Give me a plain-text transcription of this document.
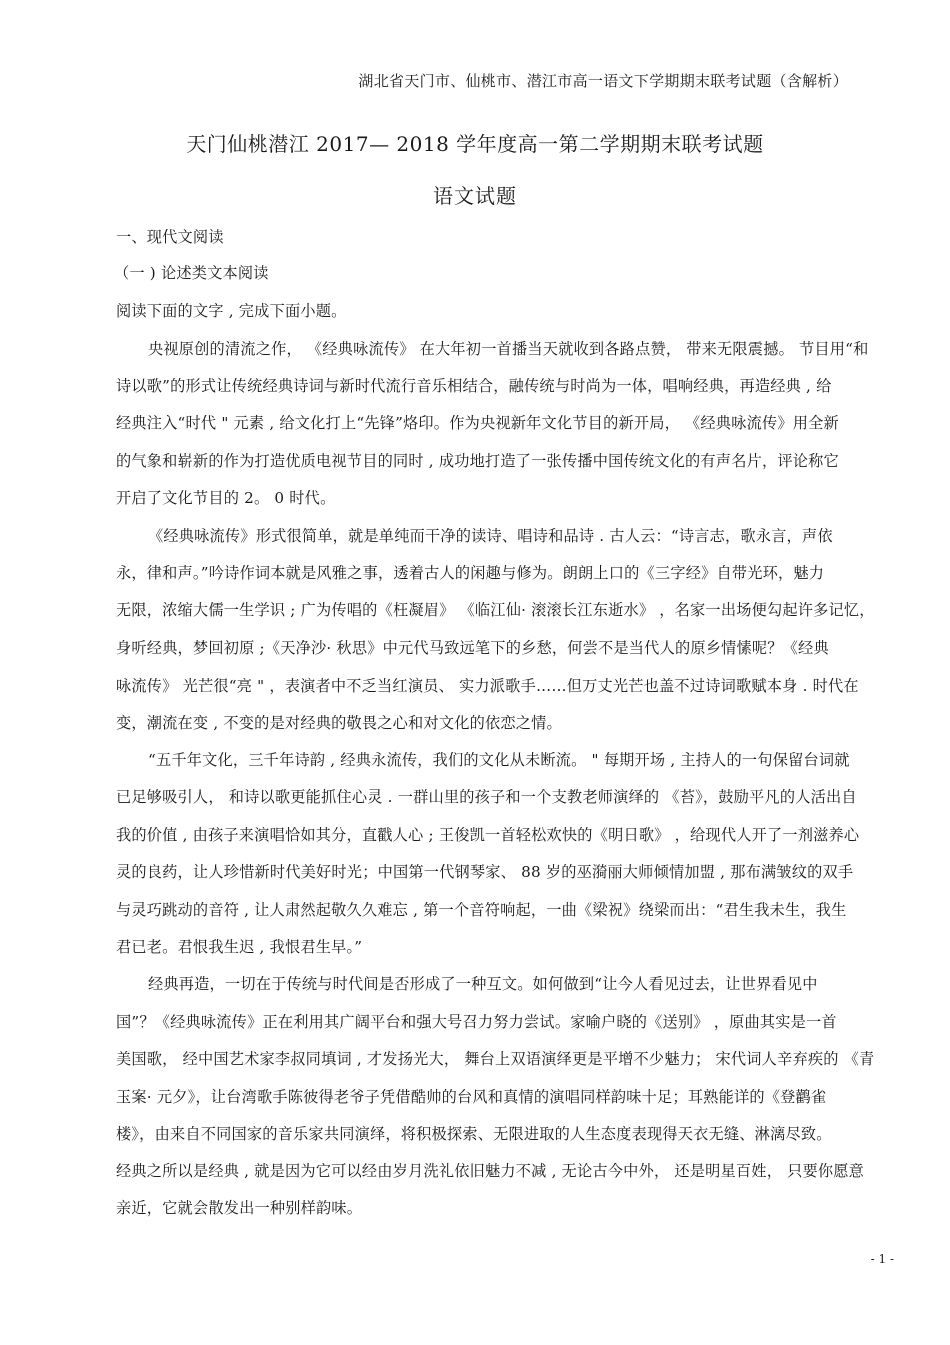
湖北省天门市、仙桃市、潜江市高一语文下学期期末联考试题（含解析）
天门仙桃潜江 2017— 2018 学年度高一第二学期期末联考试题
语文试题
一、现代文阅读
（一 ) 论述类文本阅读
阅读下面的文字 , 完成下面小题。
央视原创的清流之作， 《经典咏流传》 在大年初一首播当天就收到各路点赞， 带来无限震撼。 节目用“和
诗以歌”的形式让传统经典诗词与新时代流行音乐相结合，融传统与时尚为一体，唱响经典，再造经典 , 给
经典注入“时代 " 元素 , 给文化打上“先锋”烙印。作为央视新年文化节目的新开局， 《经典咏流传》用全新
的气象和崭新的作为打造优质电视节目的同时 , 成功地打造了一张传播中国传统文化的有声名片，评论称它
开启了文化节目的 2。 0 时代。
《经典咏流传》形式很简单，就是单纯而干净的读诗、唱诗和品诗 . 古人云：“诗言志，歌永言，声依
永，律和声。”吟诗作词本就是风雅之事，透着古人的闲趣与修为。朗朗上口的《三字经》自带光环，魅力
无限，浓缩大儒一生学识 ; 广为传唱的《枉凝眉》 《临江仙· 滚滚长江东逝水》 ，名家一出场便勾起许多记忆，
身听经典，梦回初原 ;《天净沙· 秋思》中元代马致远笔下的乡愁，何尝不是当代人的原乡情愫呢？《经典
咏流传》 光芒很“亮 " ，表演者中不乏当红演员、 实力派歌手……但万丈光芒也盖不过诗词歌赋本身 . 时代在
变，潮流在变 , 不变的是对经典的敬畏之心和对文化的依恋之情。
“五千年文化，三千年诗韵 , 经典永流传，我们的文化从未断流。 " 每期开场 , 主持人的一句保留台词就
已足够吸引人， 和诗以歌更能抓住心灵 . 一群山里的孩子和一个支教老师演绎的 《苔》，鼓励平凡的人活出自
我的价值 , 由孩子来演唱恰如其分，直戳人心 ; 王俊凯一首轻松欢快的《明日歌》 ，给现代人开了一剂滋养心
灵的良药，让人珍惜新时代美好时光；中国第一代钢琴家、 88 岁的巫漪丽大师倾情加盟 , 那布满皱纹的双手
与灵巧跳动的音符 , 让人肃然起敬久久难忘 , 第一个音符响起，一曲《梁祝》绕梁而出：“君生我未生，我生
君已老。君恨我生迟 , 我恨君生早。”
经典再造，一切在于传统与时代间是否形成了一种互文。如何做到“让今人看见过去，让世界看见中
国”？《经典咏流传》正在利用其广阔平台和强大号召力努力尝试。家喻户晓的《送别》 ，原曲其实是一首
美国歌， 经中国艺术家李叔同填词 , 才发扬光大， 舞台上双语演绎更是平增不少魅力； 宋代词人辛弃疾的 《青
玉案· 元夕》，让台湾歌手陈彼得老爷子凭借酷帅的台风和真情的演唱同样韵味十足；耳熟能详的《登鹳雀
楼》，由来自不同国家的音乐家共同演绎，将积极探索、无限进取的人生态度表现得天衣无缝、淋漓尽致。
经典之所以是经典 , 就是因为它可以经由岁月洗礼依旧魅力不减 , 无论古今中外， 还是明星百姓， 只要你愿意
亲近，它就会散发出一种别样韵味。
- 1 -
